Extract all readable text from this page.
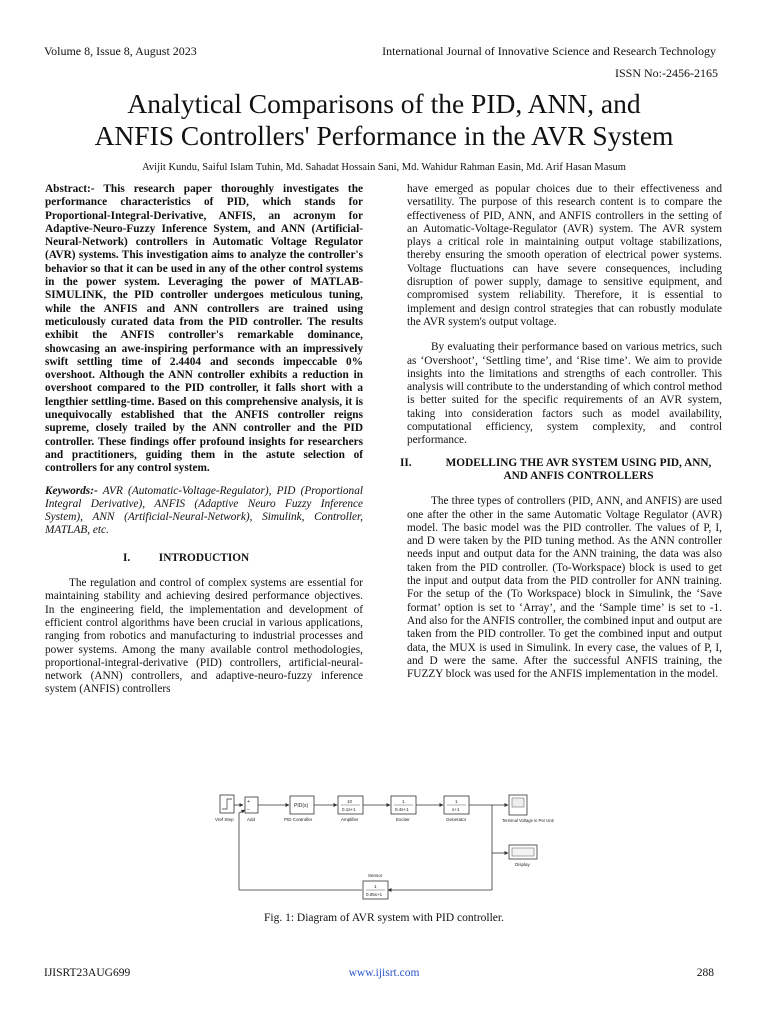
Volume 8, Issue 8, August 2023	International Journal of Innovative Science and Research Technology
ISSN No:-2456-2165
Analytical Comparisons of the PID, ANN, and
ANFIS Controllers' Performance in the AVR System
Avijit Kundu, Saiful Islam Tuhin, Md. Sahadat Hossain Sani, Md. Wahidur Rahman Easin, Md. Arif Hasan Masum

Abstract:- This research paper thoroughly investigates the performance characteristics of PID, which stands for Proportional-Integral-Derivative, ANFIS, an acronym for Adaptive-Neuro-Fuzzy Inference System, and ANN (Artificial-Neural-Network) controllers in Automatic Voltage Regulator (AVR) systems. This investigation aims to analyze the controller's behavior so that it can be used in any of the other control systems in the power system. Leveraging the power of MATLAB-SIMULINK, the PID controller undergoes meticulous tuning, while the ANFIS and ANN controllers are trained using meticulously curated data from the PID controller. The results exhibit the ANFIS controller's remarkable dominance, showcasing an awe-inspiring performance with an impressively swift settling time of 2.4404 and seconds impeccable 0% overshoot. Although the ANN controller exhibits a reduction in overshoot compared to the PID controller, it falls short with a lengthier settling-time. Based on this comprehensive analysis, it is unequivocally established that the ANFIS controller reigns supreme, closely trailed by the ANN controller and the PID controller. These findings offer profound insights for researchers and practitioners, guiding them in the astute selection of controllers for any control system.

Keywords:- AVR (Automatic-Voltage-Regulator), PID (Proportional Integral Derivative), ANFIS (Adaptive Neuro Fuzzy Inference System), ANN (Artificial-Neural-Network), Simulink, Controller, MATLAB, etc.

I.	INTRODUCTION

The regulation and control of complex systems are essential for maintaining stability and achieving desired performance objectives. In the engineering field, the implementation and development of efficient control algorithms have been crucial in various applications, ranging from robotics and manufacturing to industrial processes and power systems. Among the many available control methodologies, proportional-integral-derivative (PID) controllers, artificial-neural-network (ANN) controllers, and adaptive-neuro-fuzzy inference system (ANFIS) controllers

have emerged as popular choices due to their effectiveness and versatility. The purpose of this research content is to compare the effectiveness of PID, ANN, and ANFIS controllers in the setting of an Automatic-Voltage-Regulator (AVR) system. The AVR system plays a critical role in maintaining output voltage stabilizations, thereby ensuring the smooth operation of electrical power systems. Voltage fluctuations can have severe consequences, including disruption of power supply, damage to sensitive equipment, and compromised system reliability. Therefore, it is essential to implement and design control strategies that can robustly modulate the AVR system's output voltage.

By evaluating their performance based on various metrics, such as ‘Overshoot’, ‘Settling time’, and ‘Rise time’. We aim to provide insights into the limitations and strengths of each controller. This analysis will contribute to the understanding of which control method is better suited for the specific requirements of an AVR system, taking into consideration factors such as model availability, computational efficiency, system complexity, and control performance.

II.	MODELLING THE AVR SYSTEM USING PID, ANN, AND ANFIS CONTROLLERS

The three types of controllers (PID, ANN, and ANFIS) are used one after the other in the same Automatic Voltage Regulator (AVR) model. The basic model was the PID controller. The values of P, I, and D were taken by the PID tuning method. As the ANN controller needs input and output data for the ANN training, the data was also taken from the PID controller. (To-Workspace) block is used to get the input and output data from the PID controller for ANN training. For the setup of the (To Workspace) block in Simulink, the ‘Save format’ option is set to ‘Array’, and the ‘Sample time’ is set to -1. And also for the ANFIS controller, the combined input and output are taken from the PID controller. To get the combined input and output data, the MUX is used in Simulink. In every case, the values of P, I, and D were the same. After the successful ANFIS training, the FUZZY block was used for the ANFIS implementation in the model.

Vref Step
+
−
Add
PID(s)
PID Controller
10
0.1s+1
Amplifier
1
0.4s+1
Exciter
1
s+1
Generator	Terminal Voltage in Per Unit
Display
1
0.05s+1
Sensor
Fig. 1: Diagram of AVR system with PID controller.
IJISRT23AUG699	www.ijisrt.com	288
